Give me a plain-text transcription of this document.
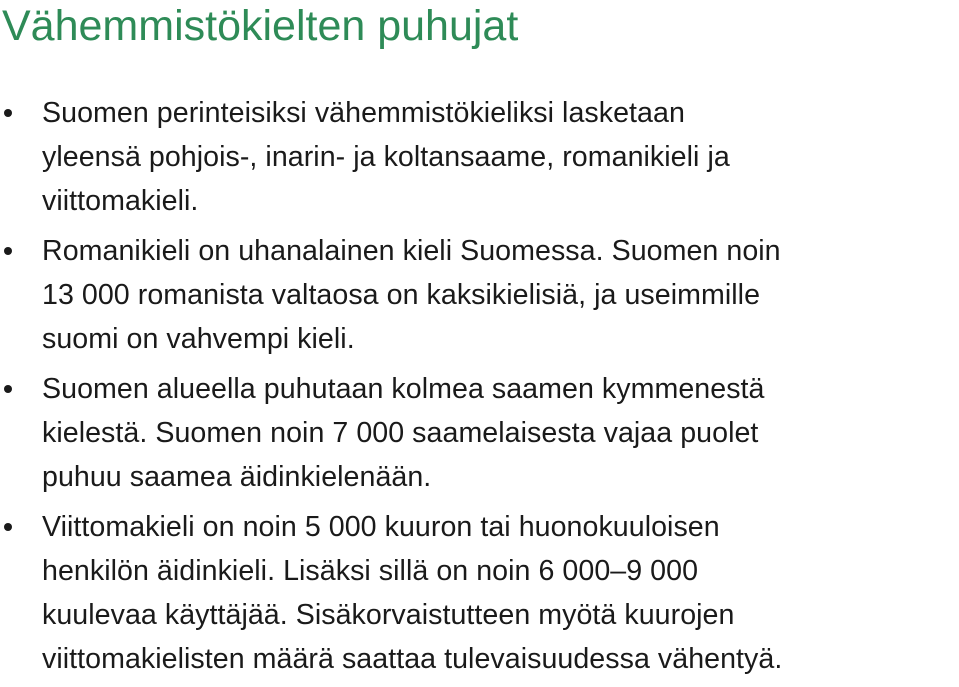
Vähemmistökielten puhujat
Suomen perinteisiksi vähemmistökieliksi lasketaan
yleensä pohjois-, inarin- ja koltansaame, romanikieli ja
viittomakieli.
Romanikieli on uhanalainen kieli Suomessa. Suomen noin
13 000 romanista valtaosa on kaksikielisiä, ja useimmille
suomi on vahvempi kieli.
Suomen alueella puhutaan kolmea saamen kymmenestä
kielestä. Suomen noin 7 000 saamelaisesta vajaa puolet
puhuu saamea äidinkielenään.
Viittomakieli on noin 5 000 kuuron tai huonokuuloisen
henkilön äidinkieli. Lisäksi sillä on noin 6 000–9 000
kuulevaa käyttäjää. Sisäkorvaistutteen myötä kuurojen
viittomakielisten määrä saattaa tulevaisuudessa vähentyä.
